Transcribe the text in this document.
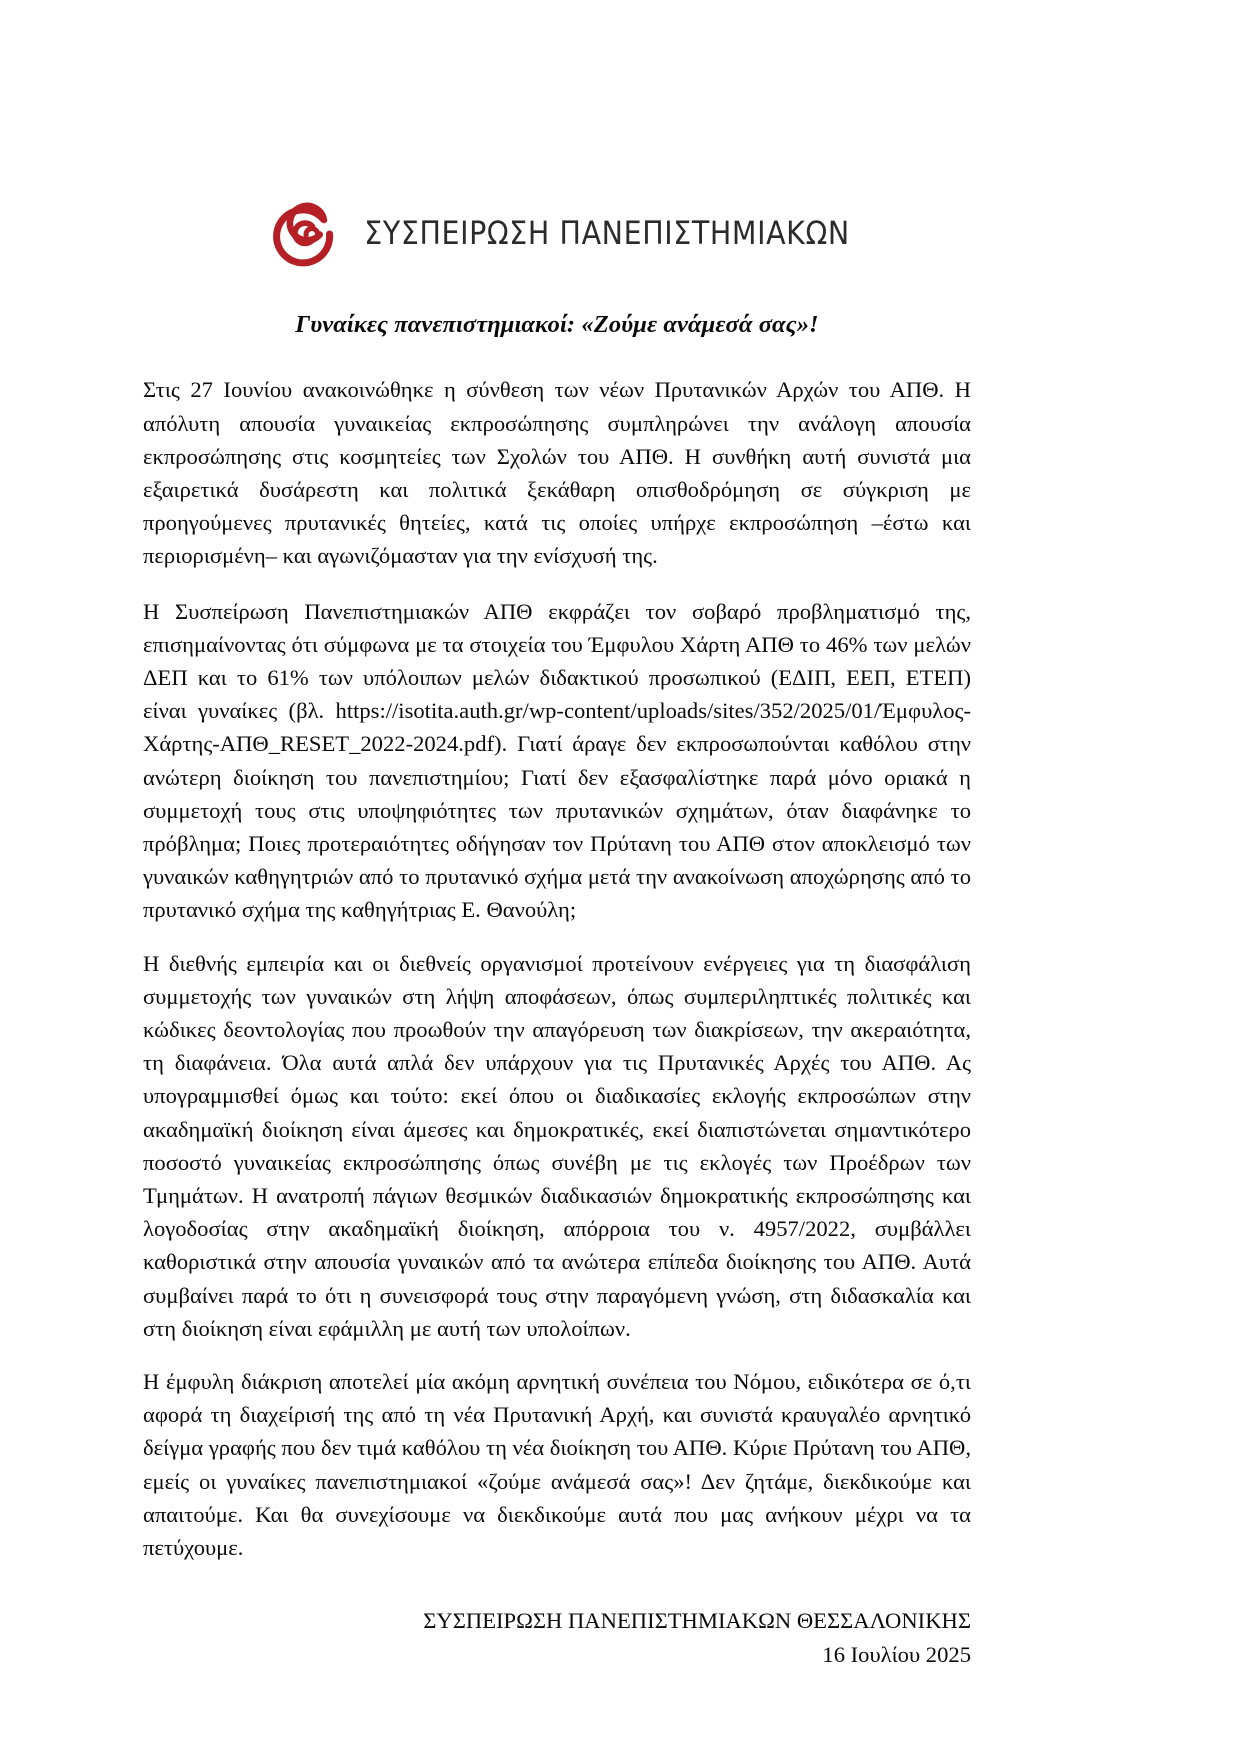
ΣΥΣΠΕΙΡΩΣΗ ΠΑΝΕΠΙΣΤΗΜΙΑΚΩΝ
Γυναίκες πανεπιστημιακοί: «Ζούμε ανάμεσά σας»!

Στις 27 Ιουνίου ανακοινώθηκε η σύνθεση των νέων Πρυτανικών Αρχών του ΑΠΘ. Η απόλυτη απουσία γυναικείας εκπροσώπησης συμπληρώνει την ανάλογη απουσία εκπροσώπησης στις κοσμητείες των Σχολών του ΑΠΘ. Η συνθήκη αυτή συνιστά μια εξαιρετικά δυσάρεστη και πολιτικά ξεκάθαρη οπισθοδρόμηση σε σύγκριση με προηγούμενες πρυτανικές θητείες, κατά τις οποίες υπήρχε εκπροσώπηση –έστω και περιορισμένη– και αγωνιζόμασταν για την ενίσχυσή της.

Η Συσπείρωση Πανεπιστημιακών ΑΠΘ εκφράζει τον σοβαρό προβληματισμό της, επισημαίνοντας ότι σύμφωνα με τα στοιχεία του Έμφυλου Χάρτη ΑΠΘ το 46% των μελών ΔΕΠ και το 61% των υπόλοιπων μελών διδακτικού προσωπικού (ΕΔΙΠ, ΕΕΠ, ΕΤΕΠ) είναι γυναίκες (βλ. https://isotita.auth.gr/wp-content/uploads/sites/352/2025/01/Έμφυλος-Χάρτης-ΑΠΘ_RESET_2022-2024.pdf). Γιατί άραγε δεν εκπροσωπούνται καθόλου στην ανώτερη διοίκηση του πανεπιστημίου; Γιατί δεν εξασφαλίστηκε παρά μόνο οριακά η συμμετοχή τους στις υποψηφιότητες των πρυτανικών σχημάτων, όταν διαφάνηκε το πρόβλημα; Ποιες προτεραιότητες οδήγησαν τον Πρύτανη του ΑΠΘ στον αποκλεισμό των γυναικών καθηγητριών από το πρυτανικό σχήμα μετά την ανακοίνωση αποχώρησης από το πρυτανικό σχήμα της καθηγήτριας Ε. Θανούλη;

Η διεθνής εμπειρία και οι διεθνείς οργανισμοί προτείνουν ενέργειες για τη διασφάλιση συμμετοχής των γυναικών στη λήψη αποφάσεων, όπως συμπεριληπτικές πολιτικές και κώδικες δεοντολογίας που προωθούν την απαγόρευση των διακρίσεων, την ακεραιότητα, τη διαφάνεια. Όλα αυτά απλά δεν υπάρχουν για τις Πρυτανικές Αρχές του ΑΠΘ. Ας υπογραμμισθεί όμως και τούτο: εκεί όπου οι διαδικασίες εκλογής εκπροσώπων στην ακαδημαϊκή διοίκηση είναι άμεσες και δημοκρατικές, εκεί διαπιστώνεται σημαντικότερο ποσοστό γυναικείας εκπροσώπησης όπως συνέβη με τις εκλογές των Προέδρων των Τμημάτων. Η ανατροπή πάγιων θεσμικών διαδικασιών δημοκρατικής εκπροσώπησης και λογοδοσίας στην ακαδημαϊκή διοίκηση, απόρροια του ν. 4957/2022, συμβάλλει καθοριστικά στην απουσία γυναικών από τα ανώτερα επίπεδα διοίκησης του ΑΠΘ. Αυτά συμβαίνει παρά το ότι η συνεισφορά τους στην παραγόμενη γνώση, στη διδασκαλία και στη διοίκηση είναι εφάμιλλη με αυτή των υπολοίπων.

Η έμφυλη διάκριση αποτελεί μία ακόμη αρνητική συνέπεια του Νόμου, ειδικότερα σε ό,τι αφορά τη διαχείρισή της από τη νέα Πρυτανική Αρχή, και συνιστά κραυγαλέο αρνητικό δείγμα γραφής που δεν τιμά καθόλου τη νέα διοίκηση του ΑΠΘ. Κύριε Πρύτανη του ΑΠΘ, εμείς οι γυναίκες πανεπιστημιακοί «ζούμε ανάμεσά σας»! Δεν ζητάμε, διεκδικούμε και απαιτούμε. Και θα συνεχίσουμε να διεκδικούμε αυτά που μας ανήκουν μέχρι να τα πετύχουμε.

ΣΥΣΠΕΙΡΩΣΗ ΠΑΝΕΠΙΣΤΗΜΙΑΚΩΝ ΘΕΣΣΑΛΟΝΙΚΗΣ
16 Ιουλίου 2025
